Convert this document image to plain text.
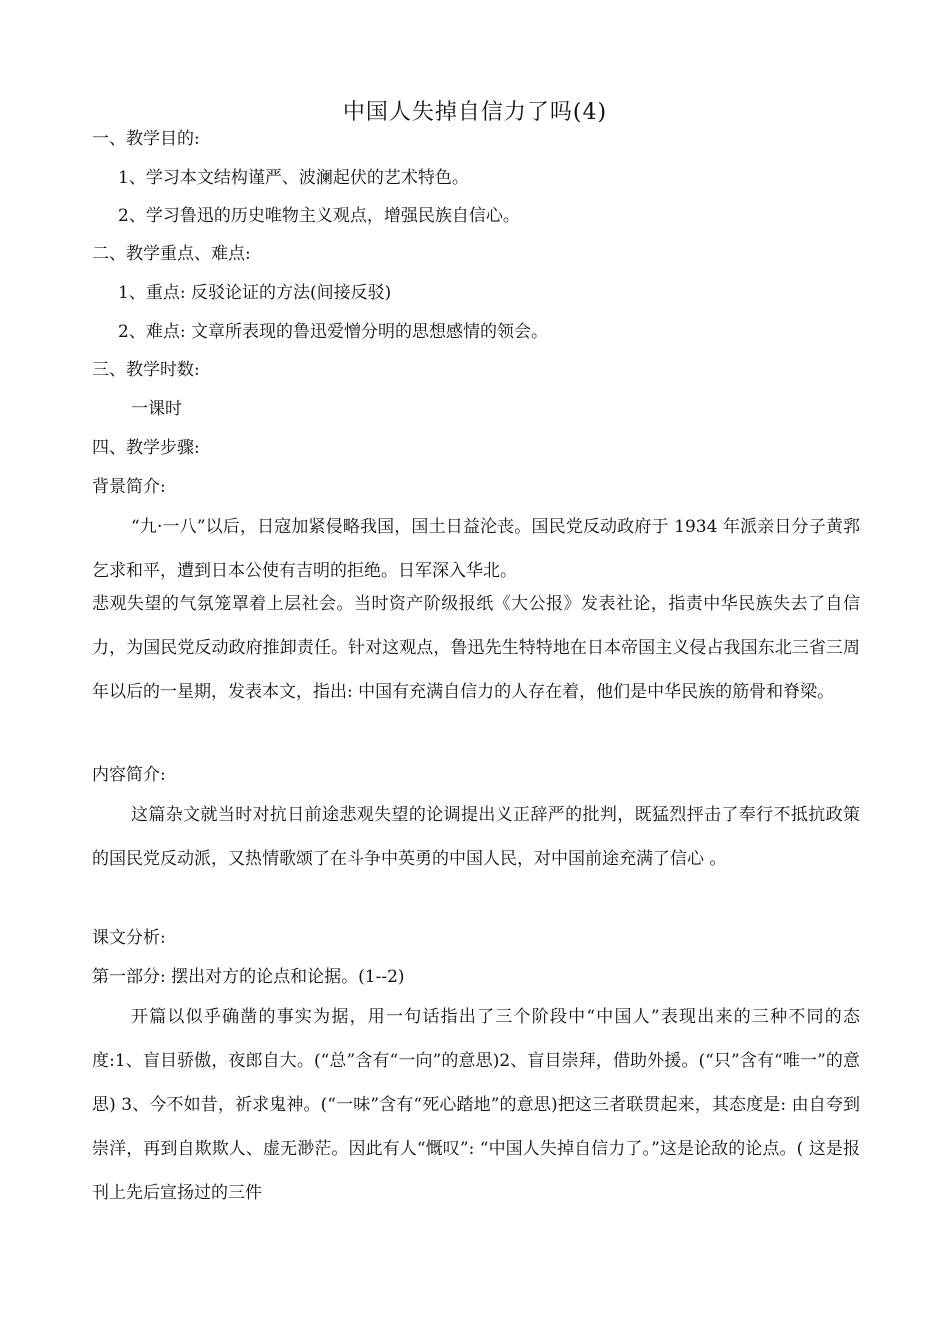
中国人失掉自信力了吗(4)
一、教学目的:
1、学习本文结构谨严、波澜起伏的艺术特色。
2、学习鲁迅的历史唯物主义观点，增强民族自信心。
二、教学重点、难点:
1、重点: 反驳论证的方法(间接反驳)
2、难点: 文章所表现的鲁迅爱憎分明的思想感情的领会。
三、教学时数:
一课时
四、教学步骤:
背景简介:

“九·一八”以后，日寇加紧侵略我国，国土日益沦丧。国民党反动政府于 1934 年派亲日分子黄郛乞求和平，遭到日本公使有吉明的拒绝。日军深入华北。

悲观失望的气氛笼罩着上层社会。当时资产阶级报纸《大公报》发表社论，指责中华民族失去了自信力，为国民党反动政府推卸责任。针对这观点，鲁迅先生特特地在日本帝国主义侵占我国东北三省三周年以后的一星期，发表本文，指出: 中国有充满自信力的人存在着，他们是中华民族的筋骨和脊梁。

内容简介:

这篇杂文就当时对抗日前途悲观失望的论调提出义正辞严的批判，既猛烈抨击了奉行不抵抗政策的国民党反动派，又热情歌颂了在斗争中英勇的中国人民，对中国前途充满了信心 。

课文分析:
第一部分: 摆出对方的论点和论据。(1--2)

开篇以似乎确凿的事实为据，用一句话指出了三个阶段中“中国人”表现出来的三种不同的态度:1、盲目骄傲，夜郎自大。(“总”含有“一向”的意思)2、盲目崇拜，借助外援。(“只”含有“唯一”的意思) 3、今不如昔，祈求鬼神。(“一味”含有“死心踏地”的意思)把这三者联贯起来，其态度是: 由自夸到崇洋，再到自欺欺人、虚无渺茫。因此有人“慨叹”: “中国人失掉自信力了。”这是论敌的论点。( 这是报刊上先后宣扬过的三件
